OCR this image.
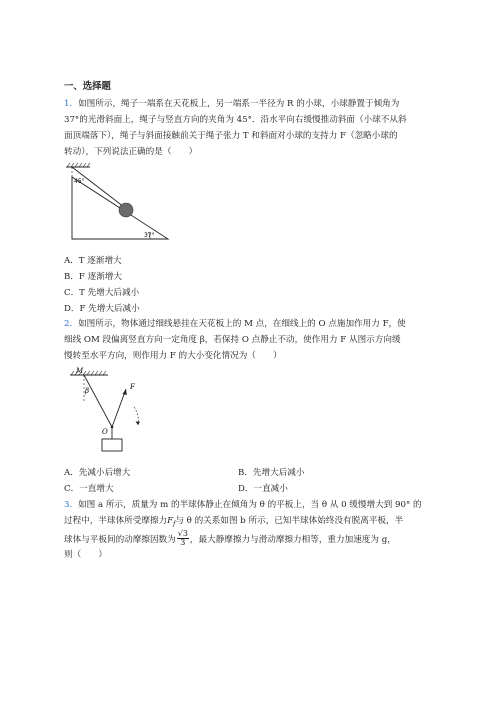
一、选择题

1．如图所示，绳子一端系在天花板上，另一端系一半径为 R 的小球，小球静置于倾角为

37°的光滑斜面上，绳子与竖直方向的夹角为 45°．沿水平向右缓慢推动斜面（小球不从斜

面顶端落下），绳子与斜面接触前关于绳子张力 T 和斜面对小球的支持力 F（忽略小球的

转动），下列说法正确的是（　　）

45°
37°

A．T 逐渐增大

B．F 逐渐增大

C．T 先增大后减小

D．F 先增大后减小

2．如图所示，物体通过细线悬挂在天花板上的 M 点，在细线上的 O 点施加作用力 F，使

细线 OM 段偏离竖直方向一定角度 β，若保持 O 点静止不动，使作用力 F 从图示方向缓

慢转至水平方向，则作用力 F 的大小变化情况为（　　）

M
β
O
F

A．先减小后增大	B．先增大后减小

C．一直增大	D．一直减小

3．如图 a 所示，质量为 m 的半球体静止在倾角为 θ 的平板上，当 θ 从 0 缓慢增大到 90° 的

过程中，半球体所受摩擦力$F_f$与 θ 的关系如图 b 所示，已知半球体始终没有脱离平板，半

球体与平板间的动摩擦因数为 $\frac{√3}{3}$ ，最大静摩擦力与滑动摩擦力相等，重力加速度为 g，

则（　　）
